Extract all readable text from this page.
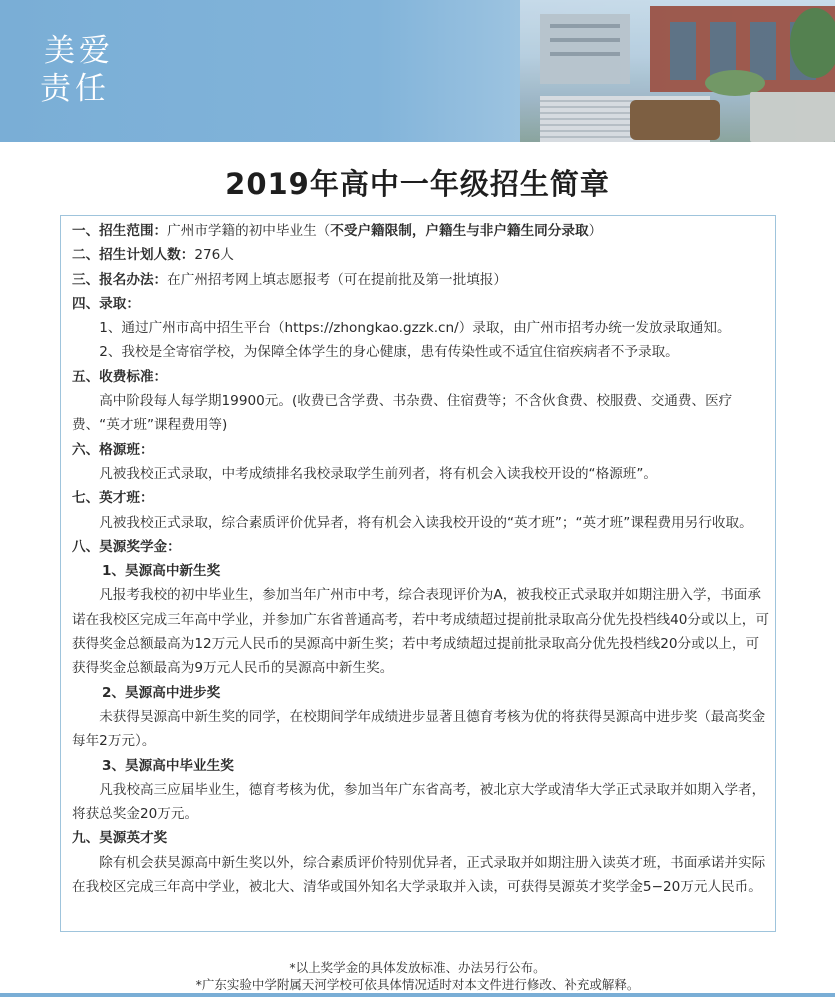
美爱
责任
2019年高中一年级招生简章

一、招生范围：广州市学籍的初中毕业生（不受户籍限制，户籍生与非户籍生同分录取）

二、招生计划人数：276人

三、报名办法：在广州招考网上填志愿报考（可在提前批及第一批填报）

四、录取：

1、通过广州市高中招生平台（https://zhongkao.gzzk.cn/）录取，由广州市招考办统一发放录取通知。

2、我校是全寄宿学校，为保障全体学生的身心健康，患有传染性或不适宜住宿疾病者不予录取。

五、收费标准：

高中阶段每人每学期19900元。(收费已含学费、书杂费、住宿费等；不含伙食费、校服费、交通费、医疗费、“英才班”课程费用等)

六、格源班：

凡被我校正式录取，中考成绩排名我校录取学生前列者，将有机会入读我校开设的“格源班”。

七、英才班：

凡被我校正式录取，综合素质评价优异者，将有机会入读我校开设的“英才班”；“英才班”课程费用另行收取。

八、昊源奖学金：

1、昊源高中新生奖

凡报考我校的初中毕业生，参加当年广州市中考，综合表现评价为A，被我校正式录取并如期注册入学，书面承诺在我校区完成三年高中学业，并参加广东省普通高考，若中考成绩超过提前批录取高分优先投档线40分或以上，可获得奖金总额最高为12万元人民币的昊源高中新生奖；若中考成绩超过提前批录取高分优先投档线20分或以上，可获得奖金总额最高为9万元人民币的昊源高中新生奖。

2、昊源高中进步奖

未获得昊源高中新生奖的同学，在校期间学年成绩进步显著且德育考核为优的将获得昊源高中进步奖（最高奖金每年2万元）。

3、昊源高中毕业生奖

凡我校高三应届毕业生，德育考核为优，参加当年广东省高考，被北京大学或清华大学正式录取并如期入学者，将获总奖金20万元。

九、昊源英才奖

除有机会获昊源高中新生奖以外，综合素质评价特别优异者，正式录取并如期注册入读英才班，书面承诺并实际在我校区完成三年高中学业，被北大、清华或国外知名大学录取并入读，可获得昊源英才奖学金5−20万元人民币。

*以上奖学金的具体发放标准、办法另行公布。
*广东实验中学附属天河学校可依具体情况适时对本文件进行修改、补充或解释。
